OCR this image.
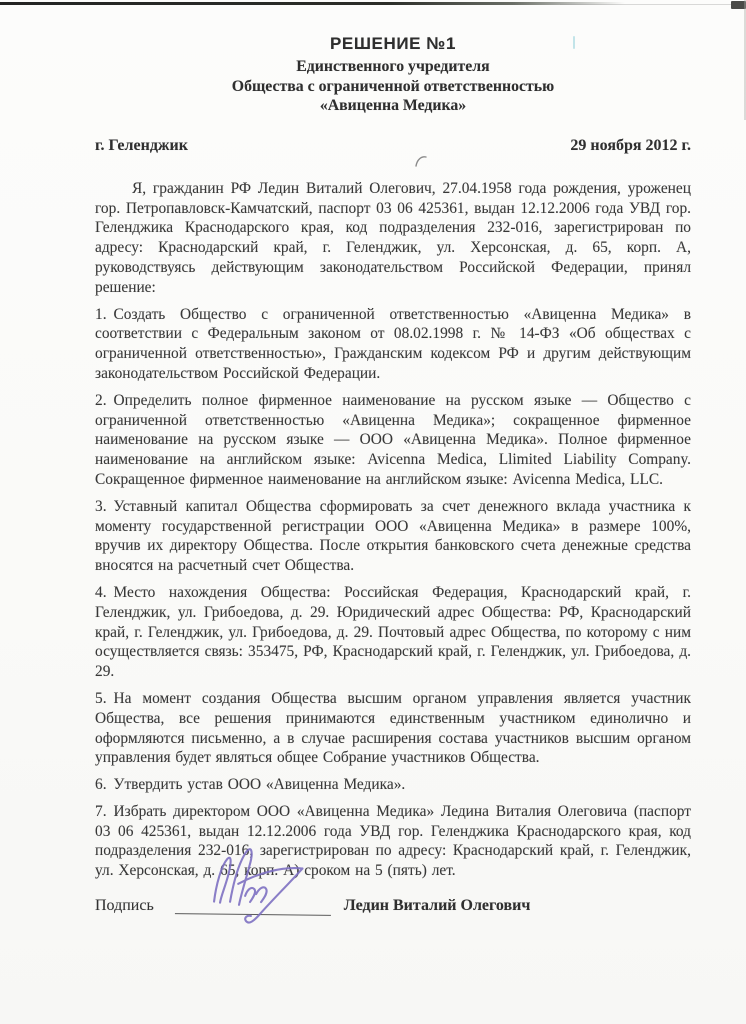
РЕШЕНИЕ №1
Единственного учредителя
Общества с ограниченной ответственностью
«Авиценна Медика»
г. Геленджик	29 ноября 2012 г.

Я, гражданин РФ Ледин Виталий Олегович, 27.04.1958 года рождения, уроженец гор. Петропавловск-Камчатский, паспорт 03 06 425361, выдан 12.12.2006 года УВД гор. Геленджика Краснодарского края, код подразделения 232-016, зарегистрирован по адресу: Краснодарский край, г. Геленджик, ул. Херсонская, д. 65, корп. А, руководствуясь действующим законодательством Российской Федерации, принял решение:

1. Создать Общество с ограниченной ответственностью «Авиценна Медика» в соответствии с Федеральным законом от 08.02.1998 г. № 14-ФЗ «Об обществах с ограниченной ответственностью», Гражданским кодексом РФ и другим действующим законодательством Российской Федерации.

2. Определить полное фирменное наименование на русском языке — Общество с ограниченной ответственностью «Авиценна Медика»; сокращенное фирменное наименование на русском языке — ООО «Авиценна Медика». Полное фирменное наименование на английском языке: Avicenna Medica, Llimited Liability Company. Сокращенное фирменное наименование на английском языке: Avicenna Medica, LLC.

3. Уставный капитал Общества сформировать за счет денежного вклада участника к моменту государственной регистрации ООО «Авиценна Медика» в размере 100%, вручив их директору Общества. После открытия банковского счета денежные средства вносятся на расчетный счет Общества.

4. Место нахождения Общества: Российская Федерация, Краснодарский край, г. Геленджик, ул. Грибоедова, д. 29. Юридический адрес Общества: РФ, Краснодарский край, г. Геленджик, ул. Грибоедова, д. 29. Почтовый адрес Общества, по которому с ним осуществляется связь: 353475, РФ, Краснодарский край, г. Геленджик, ул. Грибоедова, д. 29.

5. На момент создания Общества высшим органом управления является участник Общества, все решения принимаются единственным участником единолично и оформляются письменно, а в случае расширения состава участников высшим органом управления будет являться общее Собрание участников Общества.

6. Утвердить устав ООО «Авиценна Медика».

7. Избрать директором ООО «Авиценна Медика» Ледина Виталия Олеговича (паспорт 03 06 425361, выдан 12.12.2006 года УВД гор. Геленджика Краснодарского края, код подразделения 232-016, зарегистрирован по адресу: Краснодарский край, г. Геленджик, ул. Херсонская, д. 65, корп. А) сроком на 5 (пять) лет.

Подпись	Ледин Виталий Олегович
